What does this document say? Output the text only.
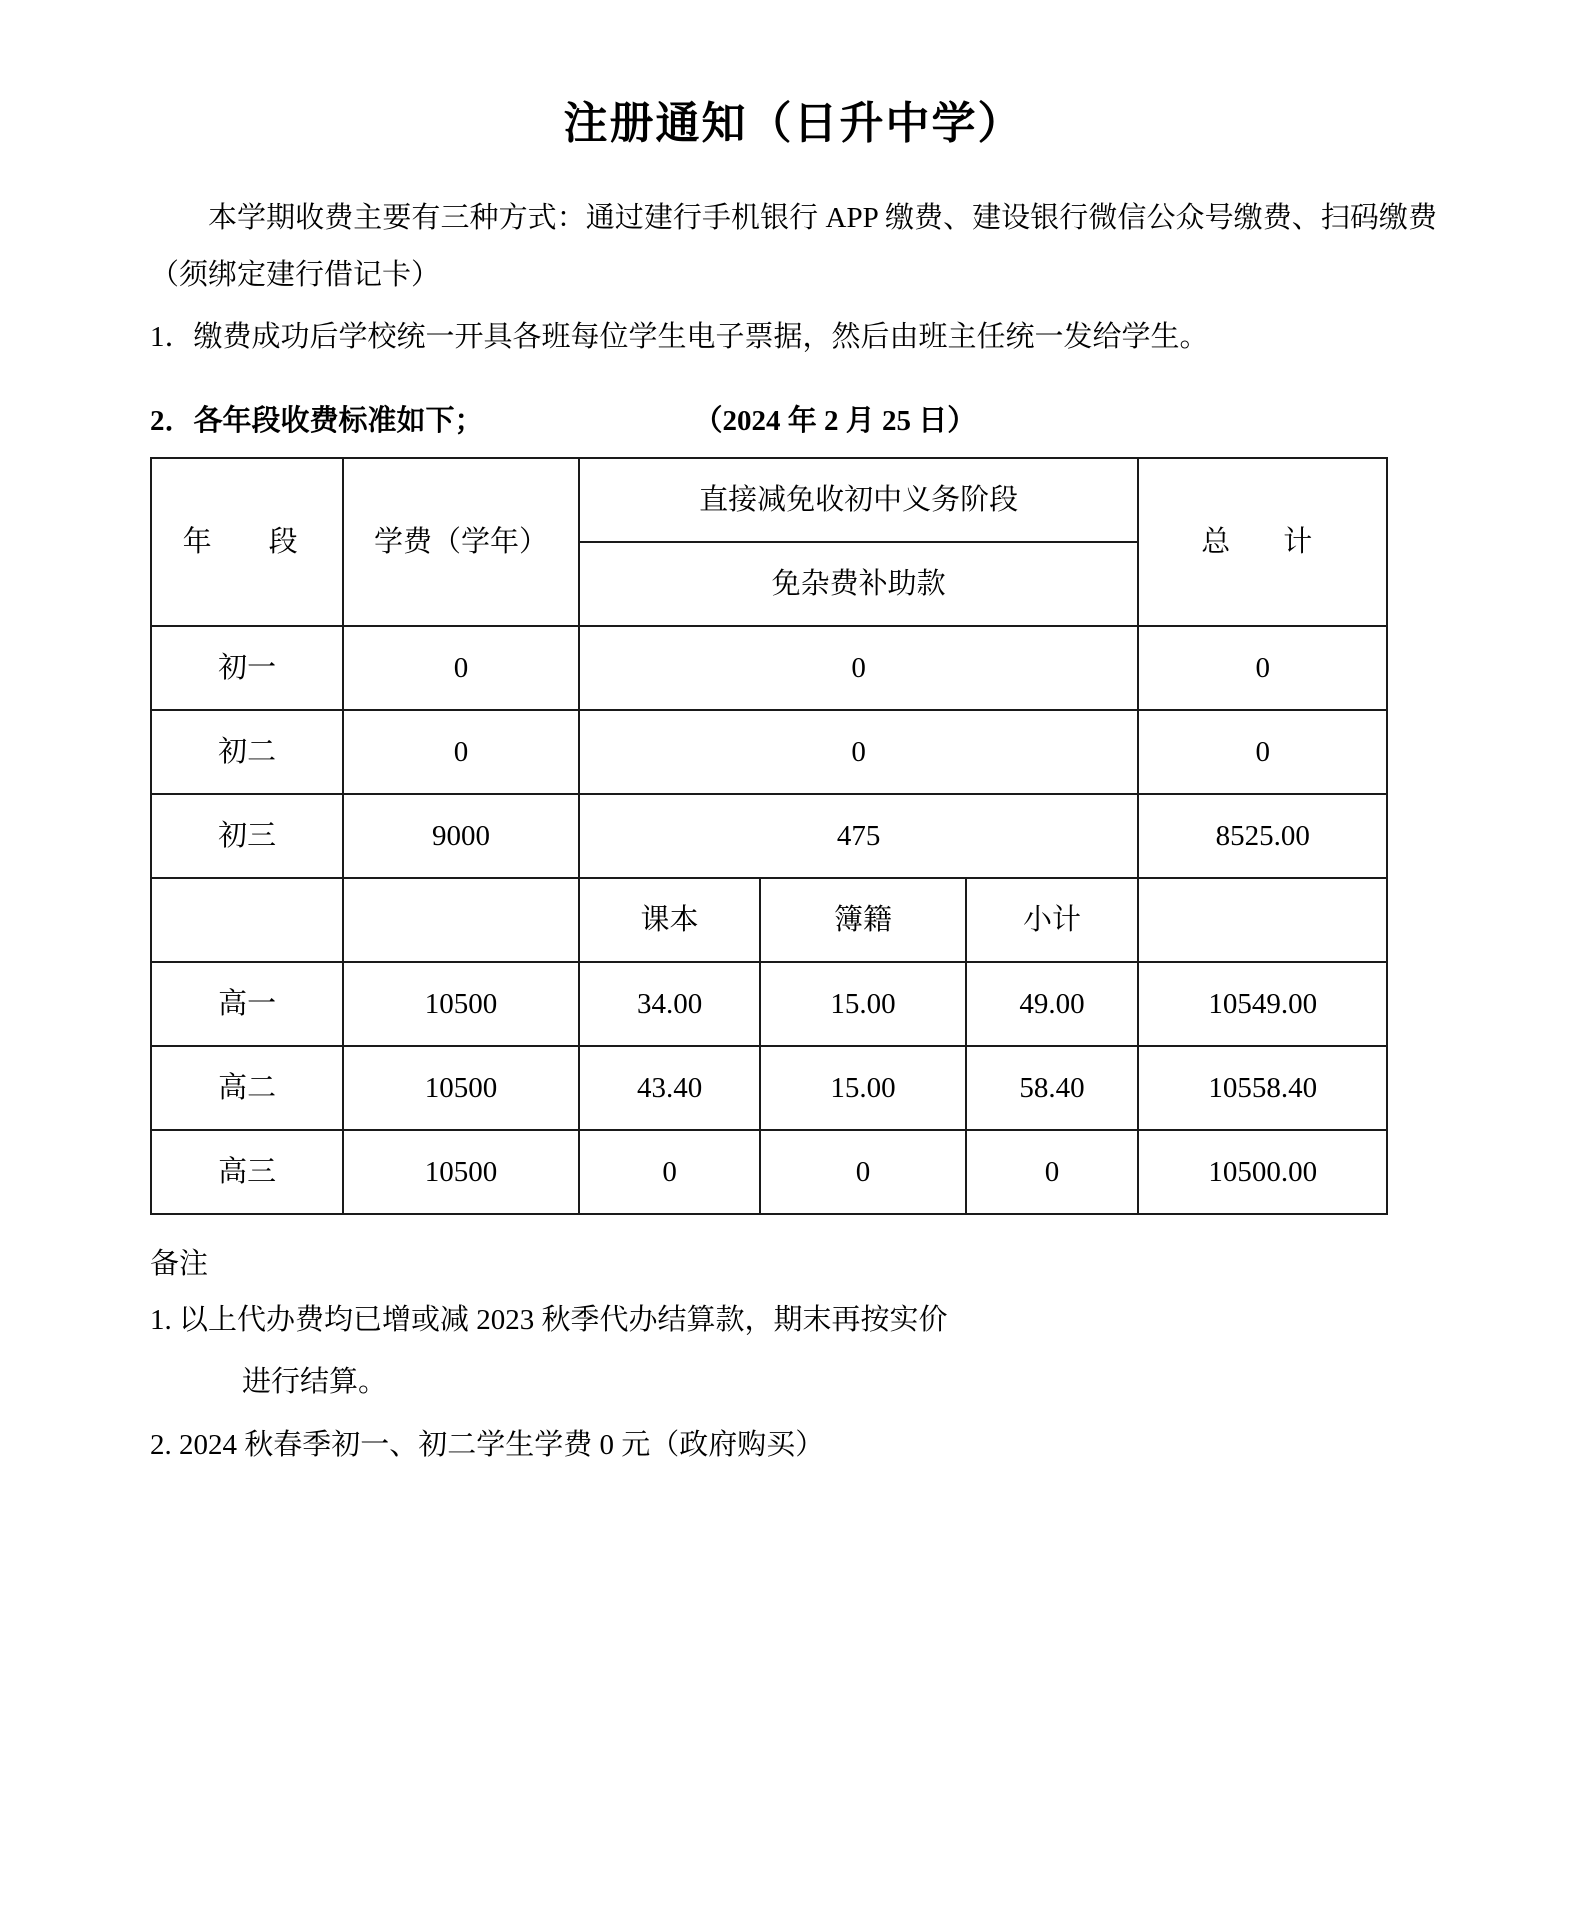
注册通知（日升中学）

本学期收费主要有三种方式：通过建行手机银行 APP 缴费、建设银行微信公众号缴费、扫码缴费（须绑定建行借记卡）

1．缴费成功后学校统一开具各班每位学生电子票据，然后由班主任统一发给学生。

2．各年段收费标准如下；	（2024 年 2 月 25 日）
年　段	学费（学年）	直接减免收初中义务阶段			总　计
		免杂费补助款			
初一	0	0			0
初二	0	0			0
初三	9000	475			8525.00
		课本	簿籍	小计	
高一	10500	34.00	15.00	49.00	10549.00
高二	10500	43.40	15.00	58.40	10558.40
高三	10500	0	0	0	10500.00

备注

1. 以上代办费均已增或减 2023 秋季代办结算款，期末再按实价

进行结算。

2. 2024 秋春季初一、初二学生学费 0 元（政府购买）
